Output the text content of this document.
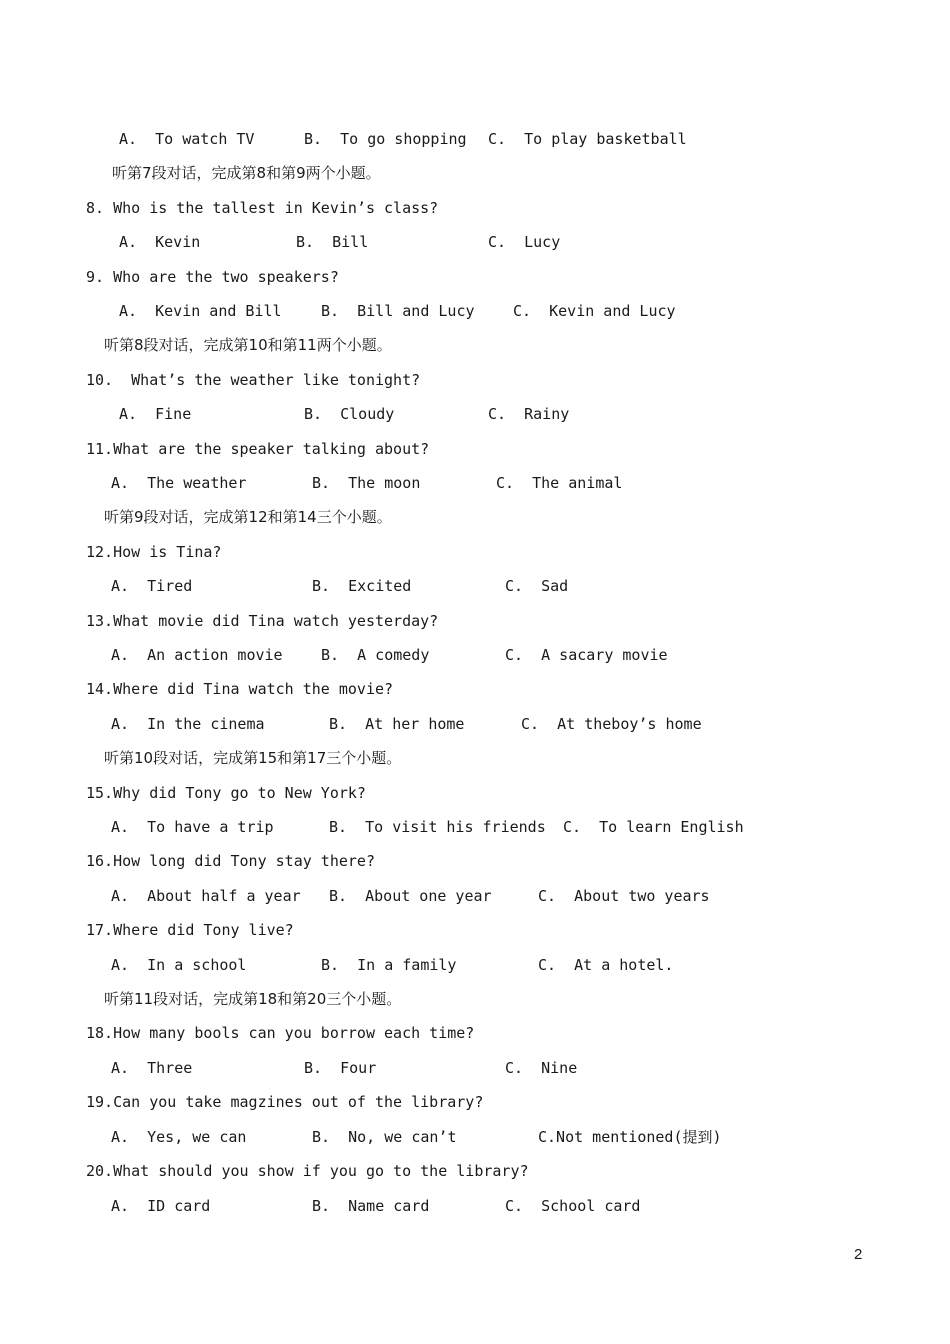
A.  To watch TV	B.  To go shopping C.  To play basketball
听第7段对话，完成第8和第9两个小题。
8. Who is the tallest in Kevin’s class?
A.  Kevin	B.  Bill	C.  Lucy
9. Who are the two speakers?
A.  Kevin and Bill	B.  Bill and Lucy	C.  Kevin and Lucy
听第8段对话，完成第10和第11两个小题。
10.  What’s the weather like tonight?
A.  Fine	B.  Cloudy	C.  Rainy
11.What are the speaker talking about?
A.  The weather	B.  The moon	C.  The animal
听第9段对话，完成第12和第14三个小题。
12.How is Tina?
A.  Tired	B.  Excited	C.  Sad
13.What movie did Tina watch yesterday?
A.  An action movie	B.  A comedy	C.  A sacary movie
14.Where did Tina watch the movie?
A.  In the cinema	B.  At her home	C.  At theboy’s home
听第10段对话，完成第15和第17三个小题。
15.Why did Tony go to New York?
A.  To have a trip	B.  To visit his friends C.  To learn English
16.How long did Tony stay there?
A.  About half a year B.  About one year	C.  About two years
17.Where did Tony live?
A.  In a school	B.  In a family	C.  At a hotel.
听第11段对话，完成第18和第20三个小题。
18.How many bools can you borrow each time?
A.  Three	B.  Four	C.  Nine
19.Can you take magzines out of the library?
A.  Yes, we can	B.  No, we can’t	C.Not mentioned(提到)
20.What should you show if you go to the library?
A.  ID card	B.  Name card	C.  School card
2
